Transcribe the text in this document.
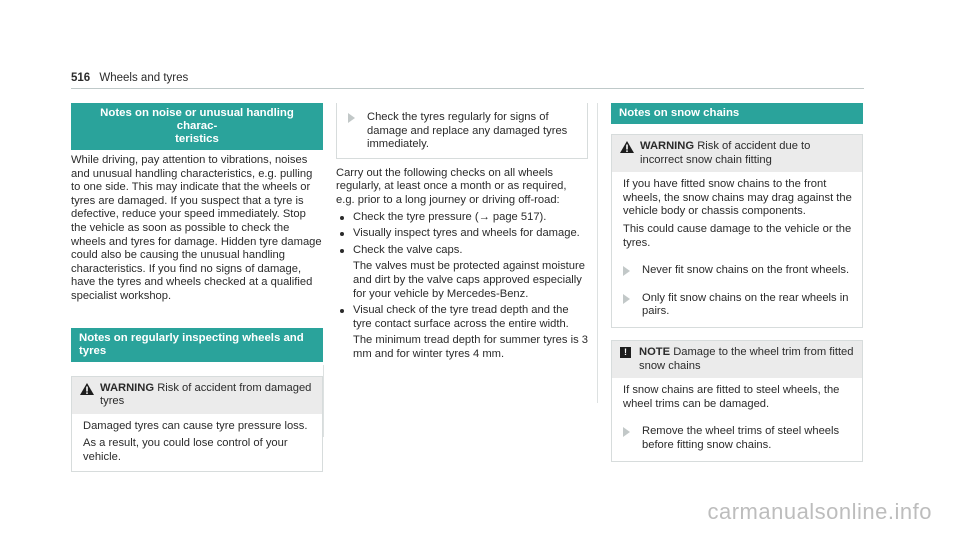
516 Wheels and tyres
Notes on noise or unusual handling charac-
teristics

While driving, pay attention to vibrations, noises and unusual handling characteristics, e.g. pulling to one side. This may indicate that the wheels or tyres are damaged. If you suspect that a tyre is defective, reduce your speed immediately. Stop the vehicle as soon as possible to check the wheels and tyres for damage. Hidden tyre damage could also be causing the unusual handling characteristics. If you find no signs of damage, have the tyres and wheels checked at a qualified specialist workshop.

Notes on regularly inspecting wheels and tyres
WARNING Risk of accident from damaged tyres

Damaged tyres can cause tyre pressure loss.

As a result, you could lose control of your vehicle.

Check the tyres regularly for signs of damage and replace any damaged tyres immediately.

Carry out the following checks on all wheels regularly, at least once a month or as required, e.g. prior to a long journey or driving off-road:

Check the tyre pressure (→ page 517).
Visually inspect tyres and wheels for damage.
Check the valve caps.

The valves must be protected against moisture and dirt by the valve caps approved especially for your vehicle by Mercedes-Benz.

Visual check of the tyre tread depth and the tyre contact surface across the entire width.

The minimum tread depth for summer tyres is 3 mm and for winter tyres 4 mm.

Notes on snow chains
WARNING Risk of accident due to incorrect snow chain fitting

If you have fitted snow chains to the front wheels, the snow chains may drag against the vehicle body or chassis components.

This could cause damage to the vehicle or the tyres.

Never fit snow chains on the front wheels.
Only fit snow chains on the rear wheels in pairs.
!	NOTE Damage to the wheel trim from fitted snow chains

If snow chains are fitted to steel wheels, the wheel trims can be damaged.

Remove the wheel trims of steel wheels before fitting snow chains.
carmanualsonline.info
